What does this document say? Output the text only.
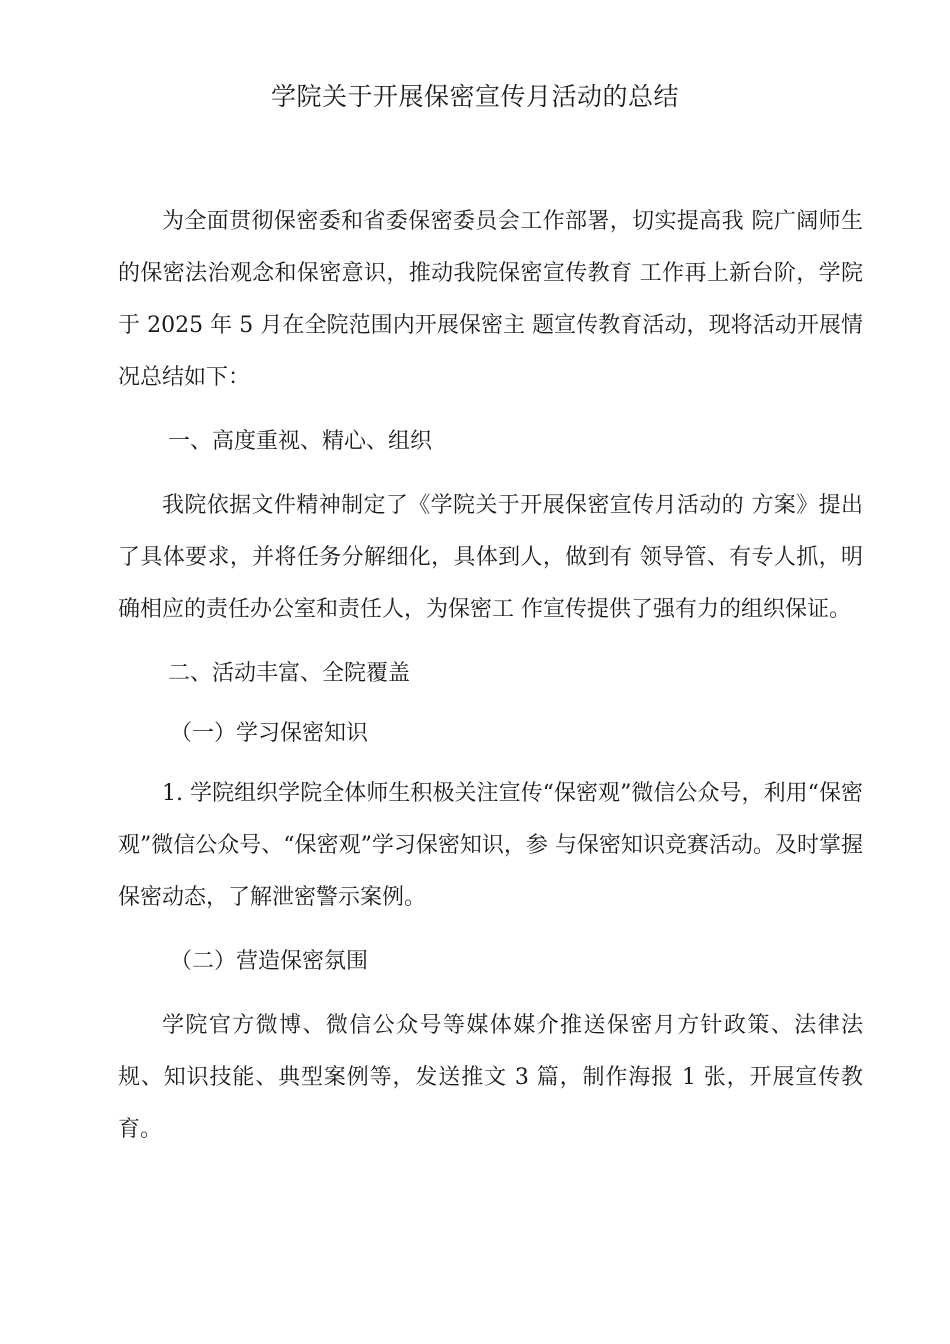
学院关于开展保密宣传月活动的总结

为全面贯彻保密委和省委保密委员会工作部署，切实提高我 院广阔师生的保密法治观念和保密意识，推动我院保密宣传教育 工作再上新台阶，学院于 2025 年 5 月在全院范围内开展保密主 题宣传教育活动，现将活动开展情况总结如下：

一、高度重视、精心、组织

我院依据文件精神制定了《学院关于开展保密宣传月活动的 方案》提出了具体要求，并将任务分解细化，具体到人，做到有 领导管、有专人抓，明确相应的责任办公室和责任人，为保密工 作宣传提供了强有力的组织保证。

二、活动丰富、全院覆盖

（一）学习保密知识

1. 学院组织学院全体师生积极关注宣传“保密观”微信公众号，利用“保密观”微信公众号、“保密观”学习保密知识，参 与保密知识竞赛活动。及时掌握保密动态，了解泄密警示案例。

（二）营造保密氛围

学院官方微博、微信公众号等媒体媒介推送保密月方针政策、法律法规、知识技能、典型案例等，发送推文 3 篇，制作海报 1 张，开展宣传教育。
